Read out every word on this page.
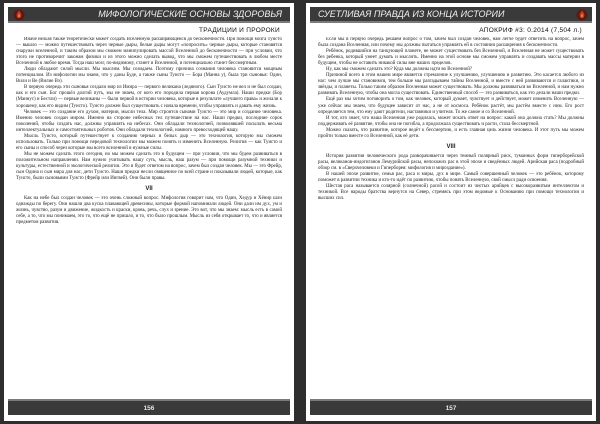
МИФОЛОГИЧЕСКИЕ ОСНОВЫ ЗДОРОВЬЯ
ТРАДИЦИИ И ПРОРОКИ

Иначе нельзя также теоретически может создать Вселенную расширяющейся до бесконечности. При помощи мозга Туисто — вышло — можно путешествовать через черные дыры, белые дыры могут «попросить» черные дыры, которые становятся снаружи вселенной, и таким образом мы сможем манипулировать массой Вселенной до бесконечности — при условии, что этого не противоречит законам физики и из этого можно сделать вывод, что мы сможем путешествовать в любом месте Вселенной в любое время. Тогда наш мозг, по-видимому, станет и Вселенной, и потенциально станет бессмертным.

Люди обладают силой мысли. Мы мыслим. Мы созидаем. Поэтому причина сознания человека становится мощным потенциалом. Из мифологии мы знаем, что у даны Буде, а также сыны Туисто — Бора (Манна у), была три сыновья: Один, Вили и Ве (Вилие Вэ).

В первую очередь эти сыновья создали мир из Имира — первого великана (ледяного). Сын Туисто не вел и не был создан, как и его сын. Бог прошёл долгий путь, мы не знаем, от кого его породила первая корова (Аудумла). Наши предки (Бор (Маннус) и Бестли) — первые великаны — были первой в истории человека, которые в результате «лучшего права» и желали к хорошему, как его видим (Туисто). Туисто должен был существовать с начала времени, чтобы управлять и давать ему жизнь.

Человек — это создание его духом, материи, мысли тела. Мир строится сынами Туисто — это мир и создание человека. Именно человек создан миром. Именно на стороне небесных тел путешествие на нас. Наши предки, последние сорок поколений, чтобы создать нас, должны управлять на небесах. Они обладали технологией, позволявшей посылать весьма интеллектуальных и самостоятельных роботов. Они обладали технологией, намного превосходящей нашу.

Мысль Туисто, который путешествует к созданию черных и белых дыр — это технология, которую мы сможем использовать. Только при помощи передовой технологии мы можем понять и изменить Вселенную. Религия — как Туисто и его сыны и способ через которые мы всего вселенной в нужные силы.

Мы не можем сделать этого сегодня, но мы можем сделать это в будущем — при условии, что мы будем развиваться в положительном направлении. Нам нужно учитывать нашу суть, мысль, наш разум — при помощи разумной техники и культуры, естественной и экологической религии. Это и будет ответом на вопрос, зачем был создан человек. Мы — это Фрейр, сын Одина и сын мира для нас, дети Туисто. Наши предки несли священное по всей стране и показывали людей, которые, как Туисто, были сыновьями Туисто (Фрейр или Ингвей). Они были правы.

VII

Как на небе был создан человек — это очень сложный вопрос. Мифология говорит нам, что Один, Хедур и Хёнир шли однажды по берегу. Они нашли два куска плавающей древесины, которые формой напоминали людей. Они дали им дух, ум и жизнь, чувство, разум и движение, жидкость и краски, кровь, речь, слух и зрение. Это вот, что мы знаем: мысль есть в самой себе, а то, что мы понимаем, это то, что ещё не пришло, и то, что было прошлым. Мысль из себя открывает то, что и является предметом развития.

156
СУЕТЛИВАЯ ПРАВДА ИЗ КОНЦА ИСТОРИИ
АПОКРИФ #3: 0.2014 (7,504 л.)

Если мы в первую очередь решаем вопрос о том, зачем был создан человек, нам легче будет ответить на вопрос, зачем была создана Вселенная, или почему мы должны пытаться управлять ей в состоянии расширения к бесконечности.

Ребёнок, родившийся на танцующей планете, не может существовать без Вселенной, и Вселенная не может существовать без ребенка, который умеет думать и мыслить. Именно на этой основе мы сможем управлять и создавать массы материи в будущем, чтобы не оставить никакой силы вне наших пределов.

Ну, как мы сможем сделать это? Куда мы должны идти во Вселенной?

Причиной всего в этом нашем мире является стремление к улучшению, улучшению и развитию. Это касается любого из нас: чем лучше мы становимся, тем больше мы разгадываем тайны Вселенной, и вместе с ней развиваются и галактики, и звёзды, и планеты. Только таким образом Вселенная может существовать. Мы должны развиваться во Вселенной, и нам нужно развивать Вселенную, чтобы она могла существовать. Единственный способ — это развиваться, как это делали наши предки.

Ещё раз мы хотим поговорить о том, как человек, который думает, чувствует и действует, может изменить Вселенную — уже сейчас мы знаем, что будущее зависит от нас, а не от космоса. Ребёнок растёт, мы растём вместе с ним. Его рост определяется тем, что ему дают родители, наставники и учителя. То же самое и со Вселенной.

И тот, кто знает, что наша Вселенная уже родилась, может искать ответ на вопрос: какой она должна стать? Мы должны поддерживать её развитие, чтобы она не погибла, а продолжала существовать и расти, стала бессмертной.

Можно сказать, что развитие, которое ведёт к бессмертию, и есть главная цель жизни человека. И этот путь мы можем пройти только вместе со Вселенной, как её дети.

VIII

История развития человеческого рода разворачивается через темный полярный риск, туманных форм гиперборейской расы, великанов-индогиганов Лемурийской расы, непохожих рас в этой эпохе и сведённых людей. Арийская раса (подробный обзор см. в «Сверхчеловеки и Гиперборея: мифология и мироздание»).

В нашей эпохе развитие, семья рас, раса и миры, дух в мире. Самый совершенный человек — это ребёнок, которому поможет в развитии техника и кто-то идёт по развитию, чтобы понять Вселенную, свой смысл ради освоения.

Шестая раса называется солярной (солнечной) расой и состоит из чистых арийцев с высокоразвитым интеллектом и техникой. Все народы братства вернутся на Север, стремясь при этом ведомые к Основанию при помощи технологии и высших сил.

157
